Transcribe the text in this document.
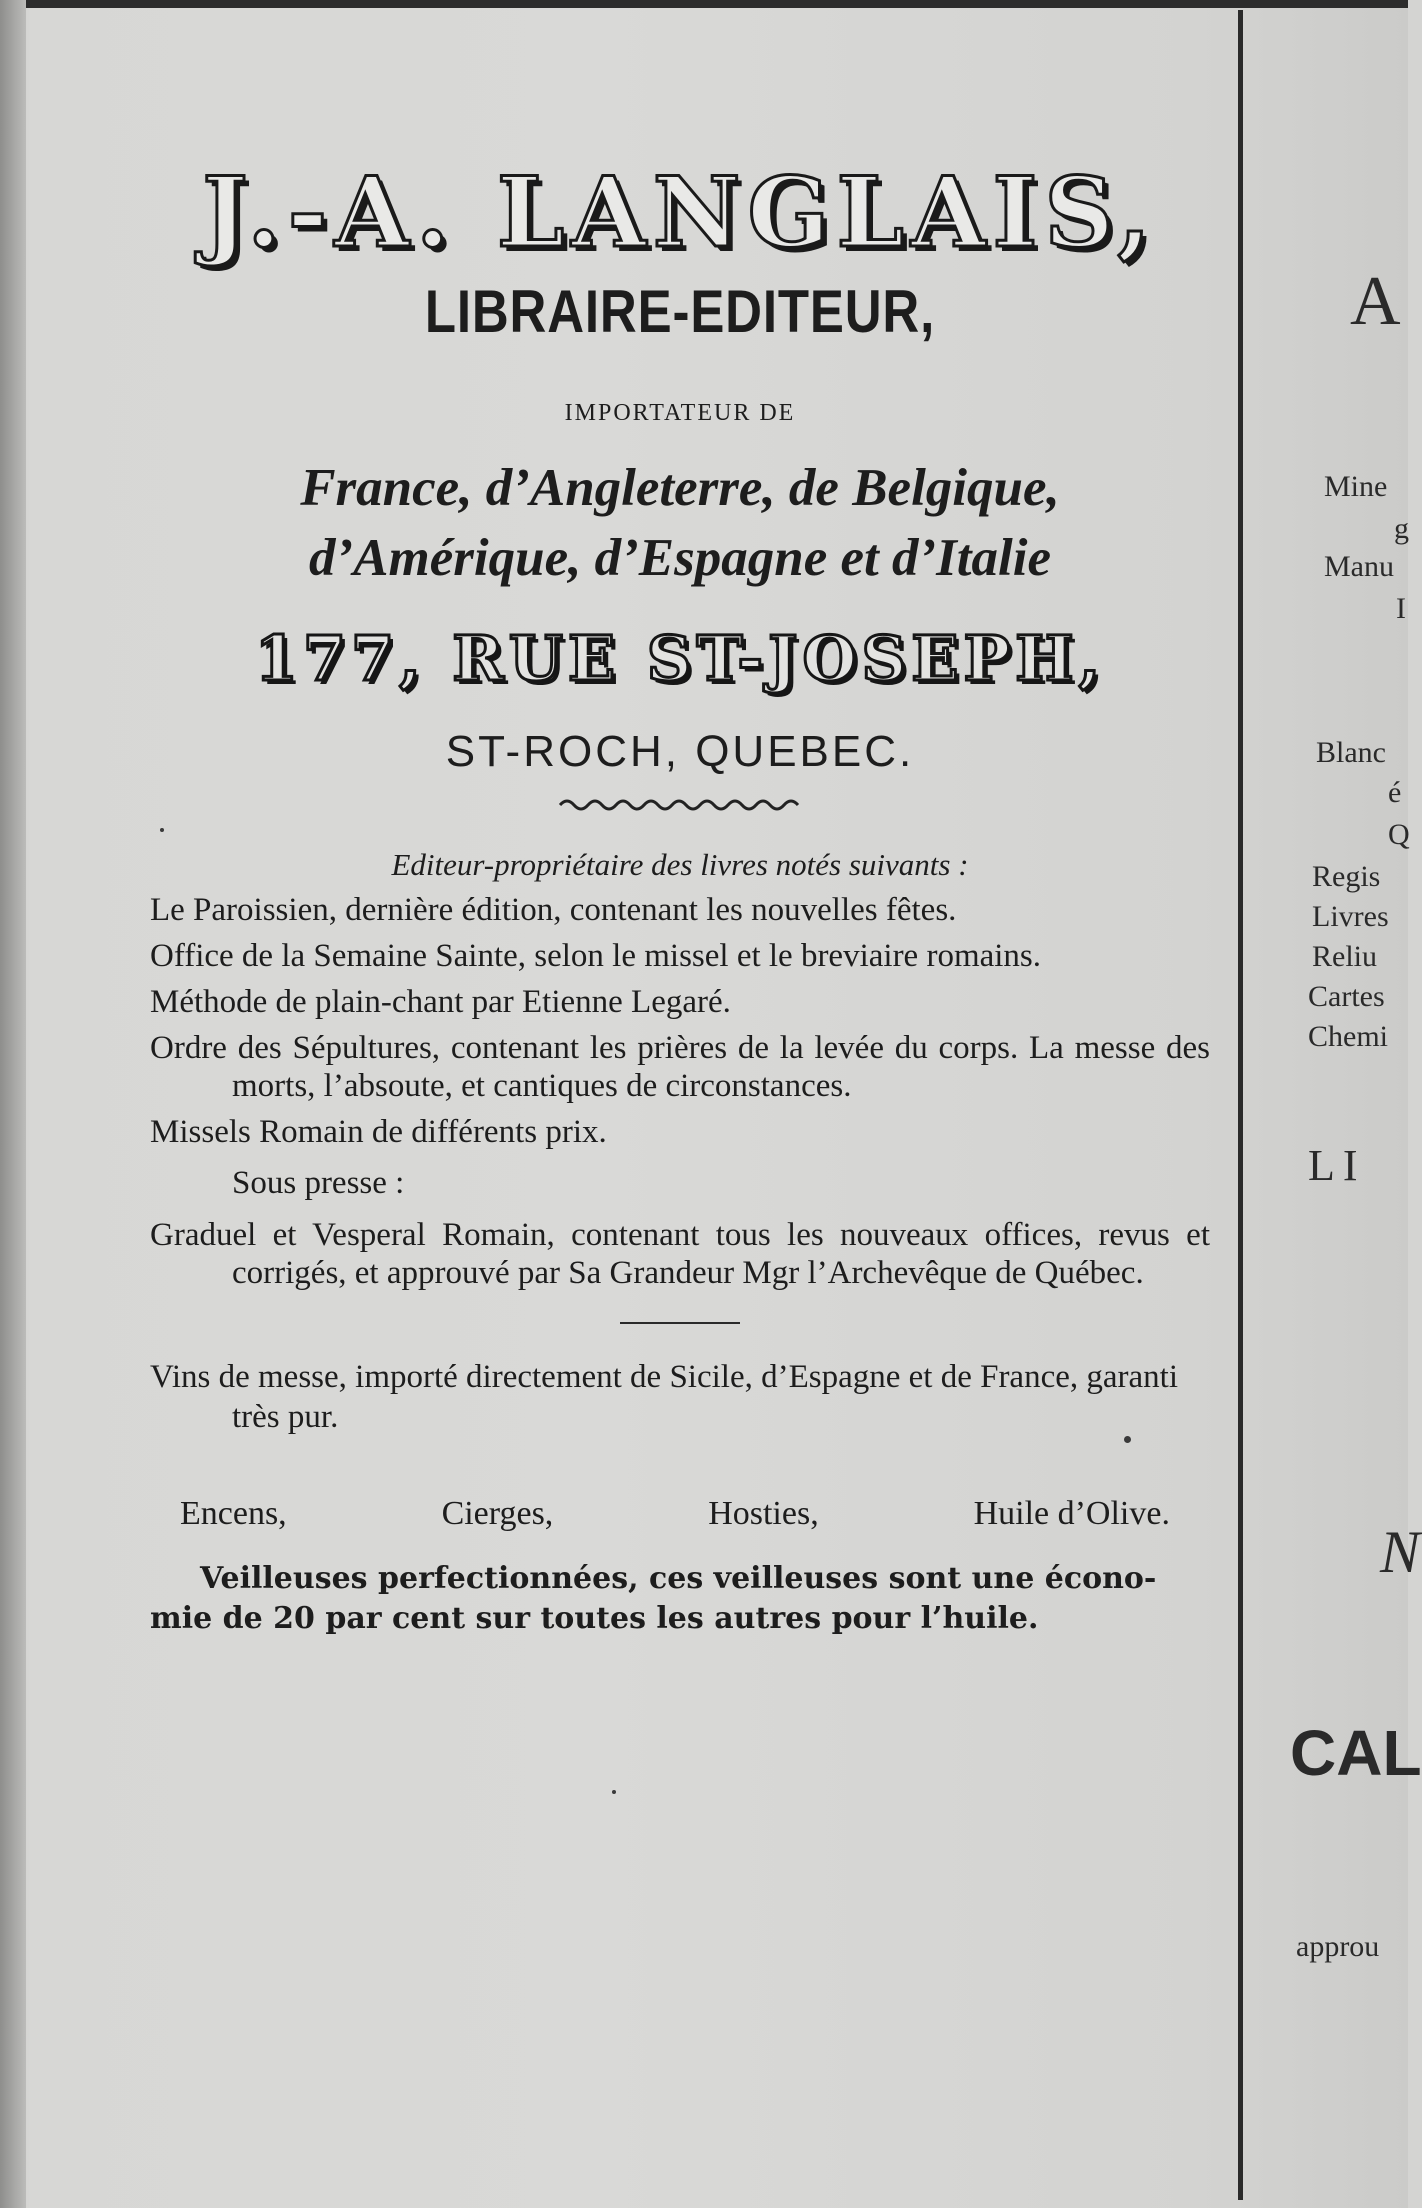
J.-A. LANGLAIS,
LIBRAIRE-EDITEUR,
IMPORTATEUR DE
France, d’Angleterre, de Belgique,
d’Amérique, d’Espagne et d’Italie
177, RUE ST-JOSEPH,
ST-ROCH, QUEBEC.
Editeur-propriétaire des livres notés suivants :

Le Paroissien, dernière édition, contenant les nouvelles fêtes.

Office de la Semaine Sainte, selon le missel et le breviaire romains.

Méthode de plain-chant par Etienne Legaré.

Ordre des Sépultures, contenant les prières de la levée du corps. La messe des morts, l’absoute, et cantiques de circonstances.

Missels Romain de différents prix.

Sous presse :

Graduel et Vesperal Romain, contenant tous les nouveaux offices, revus et corrigés, et approuvé par Sa Grandeur Mgr l’Archevêque de Québec.

Vins de messe, importé directement de Sicile, d’Espagne et de France, garanti très pur.

Encens,	Cierges,	Hosties,	Huile d’Olive.
Veilleuses perfectionnées, ces veilleuses sont une écono-
mie de 20 par cent sur toutes les autres pour l’huile.
A
Mine
g
Manu
I
Blanc
é
Q
Regis
Livres
Reliu
Cartes
Chemi
LI
N
CAL
approu
